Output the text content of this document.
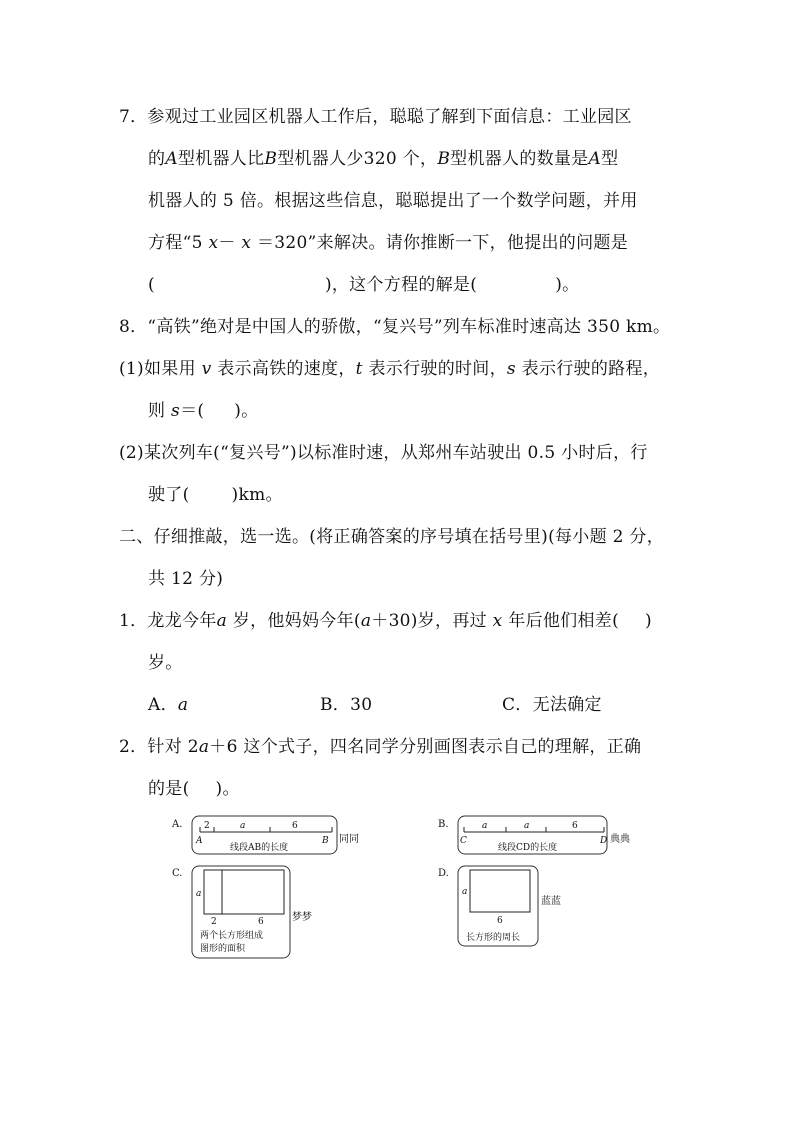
7．参观过工业园区机器人工作后，聪聪了解到下面信息：工业园区
的A型机器人比B型机器人少320 个，B型机器人的数量是A型
机器人的 5 倍。根据这些信息，聪聪提出了一个数学问题，并用
方程“5 x－ x ＝320”来解决。请你推断一下，他提出的问题是
(	)，这个方程的解是(	)。
8．“高铁”绝对是中国人的骄傲，“复兴号”列车标准时速高达 350 km。
(1)如果用 v 表示高铁的速度，t 表示行驶的时间，s 表示行驶的路程，
则 s＝( )。
(2)某次列车(“复兴号”)以标准时速，从郑州车站驶出 0.5 小时后，行
驶了( )km。
二、仔细推敲，选一选。(将正确答案的序号填在括号里)(每小题 2 分，
共 12 分)
1．龙龙今年a 岁，他妈妈今年(a＋30)岁，再过 x 年后他们相差( )
岁。
A．a	B．30	C．无法确定
2．针对 2a＋6 这个式子，四名同学分别画图表示自己的理解，正确
的是( )。
A. 2	a	6
A	B
线段AB的长度
同同
B.	a	a	6
C	D
线段CD的长度
典典
C.
a
2	6
两个长方形组成
图形的面积
梦梦
D.
a
6
长方形的周长
蓝蓝
